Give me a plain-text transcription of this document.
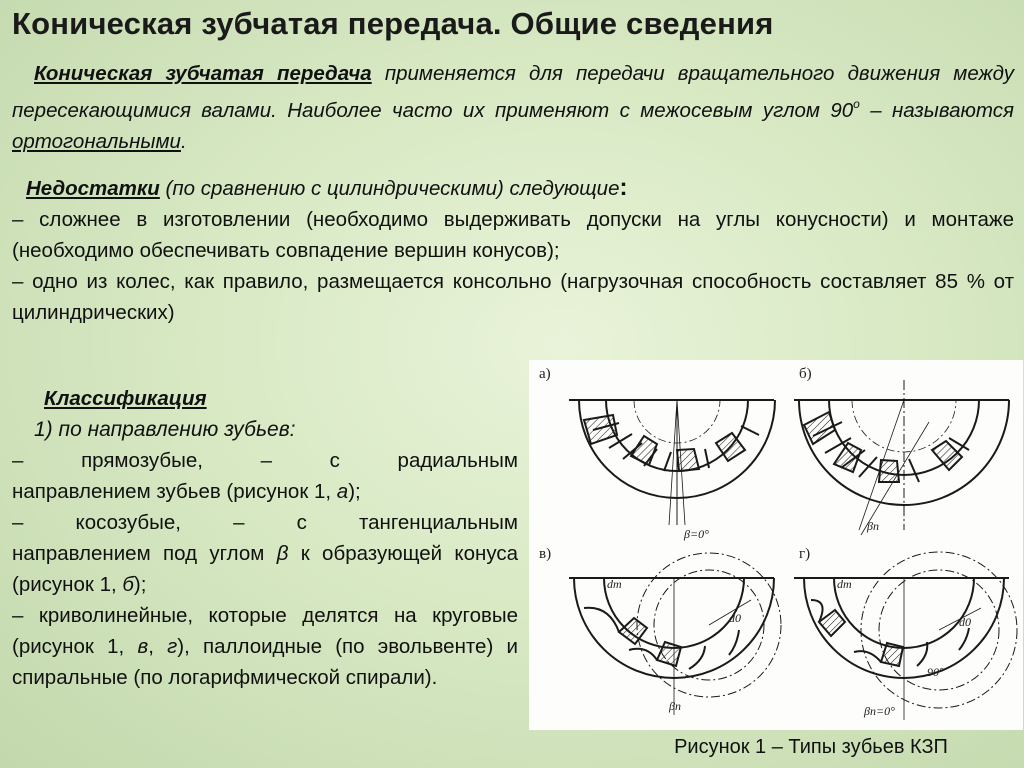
Коническая зубчатая передача. Общие сведения
Коническая зубчатая передача применяется для передачи вращательного движения между пересекающимися валами. Наиболее часто их применяют с межосевым углом $90^о$ – называются ортогональными.
Недостатки (по сравнению с цилиндрическими) следующие:
– сложнее в изготовлении (необходимо выдерживать допуски на углы конусности) и монтаже (необходимо обеспечивать совпадение вершин конусов);
– одно из колес, как правило, размещается консольно (нагрузочная способность составляет 85 % от цилиндрических)
Классификация
1) по направлению зубьев:
–	прямозубые,	–	с	радиальным
направлением зубьев (рисунок 1, а);
–	косозубые,	–	с	тангенциальным
направлением под углом β к образующей конуса (рисунок 1, б);
– криволинейные, которые делятся на круговые (рисунок 1, в, г), паллоидные (по эвольвенте) и спиральные (по логарифмической спирали).
а)	б)
в)	г)
β=0°
βn
dm
βn
d0
dm
βn=0°
90°
d0
Рисунок 1 – Типы зубьев КЗП
